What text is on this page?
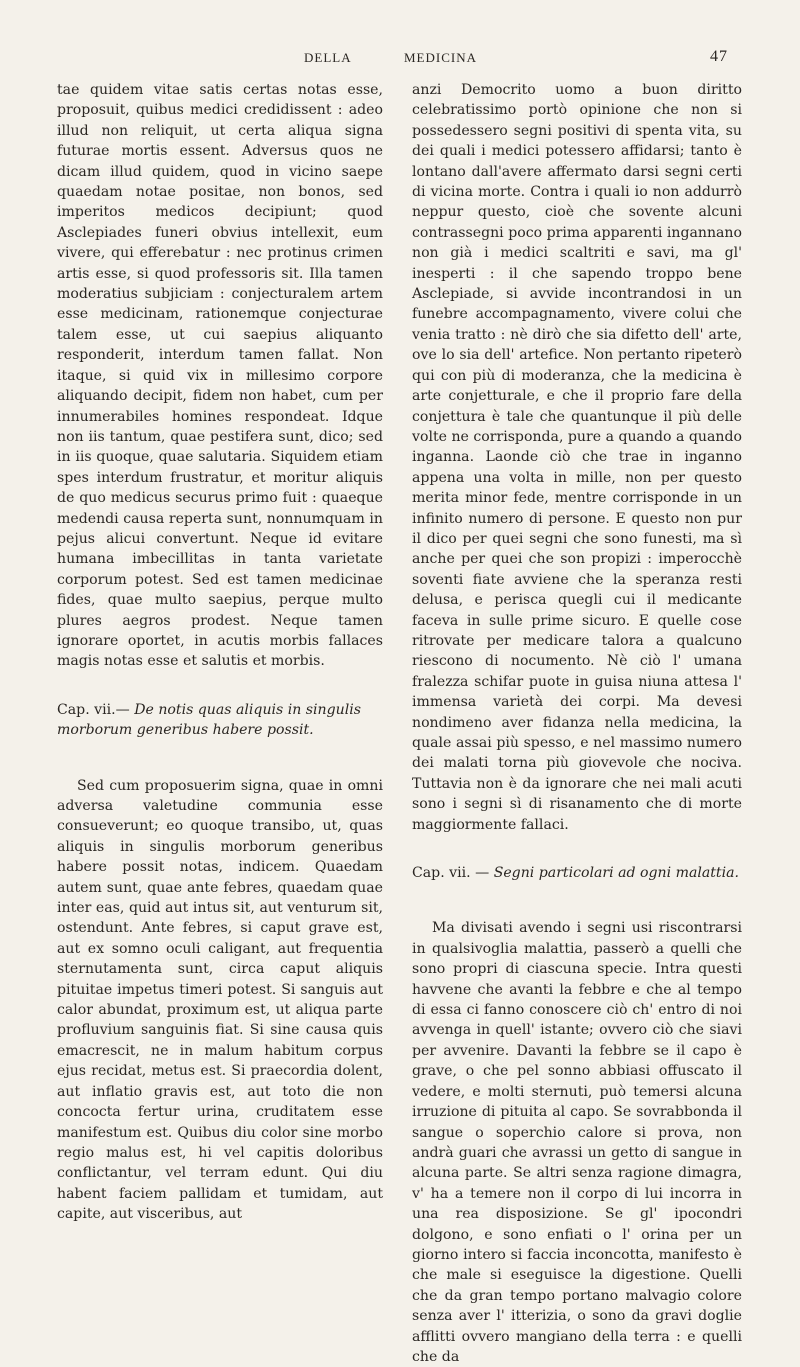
DELLA	MEDICINA	47

tae quidem vitae satis certas notas esse, proposuit, quibus medici credidissent : adeo illud non reliquit, ut certa aliqua signa futurae mortis essent. Adversus quos ne dicam illud quidem, quod in vicino saepe quaedam notae positae, non bonos, sed imperitos medicos decipiunt; quod Asclepiades funeri obvius intellexit, eum vivere, qui efferebatur : nec protinus crimen artis esse, si quod professoris sit. Illa tamen moderatius subjiciam : conjecturalem artem esse medicinam, rationemque conjecturae talem esse, ut cui saepius aliquanto responderit, interdum tamen fallat. Non itaque, si quid vix in millesimo corpore aliquando decipit, fidem non habet, cum per innumerabiles homines respondeat. Idque non iis tantum, quae pestifera sunt, dico; sed in iis quoque, quae salutaria. Siquidem etiam spes interdum frustratur, et moritur aliquis de quo medicus securus primo fuit : quaeque medendi causa reperta sunt, nonnumquam in pejus alicui convertunt. Neque id evitare humana imbecillitas in tanta varietate corporum potest. Sed est tamen medicinae fides, quae multo saepius, perque multo plures aegros prodest. Neque tamen ignorare oportet, in acutis morbis fallaces magis notas esse et salutis et morbis.

Cap. vii.— De notis quas aliquis in singulis morborum generibus habere possit.

Sed cum proposuerim signa, quae in omni adversa valetudine communia esse consueverunt; eo quoque transibo, ut, quas aliquis in singulis morborum generibus habere possit notas, indicem. Quaedam autem sunt, quae ante febres, quaedam quae inter eas, quid aut intus sit, aut venturum sit, ostendunt. Ante febres, si caput grave est, aut ex somno oculi caligant, aut frequentia sternutamenta sunt, circa caput aliquis pituitae impetus timeri potest. Si sanguis aut calor abundat, proximum est, ut aliqua parte profluvium sanguinis fiat. Si sine causa quis emacrescit, ne in malum habitum corpus ejus recidat, metus est. Si praecordia dolent, aut inflatio gravis est, aut toto die non concocta fertur urina, cruditatem esse manifestum est. Quibus diu color sine morbo regio malus est, hi vel capitis doloribus conflictantur, vel terram edunt. Qui diu habent faciem pallidam et tumidam, aut capite, aut visceribus, aut

anzi Democrito uomo a buon diritto celebratissimo portò opinione che non si possedessero segni positivi di spenta vita, su dei quali i medici potessero affidarsi; tanto è lontano dall'avere affermato darsi segni certi di vicina morte. Contra i quali io non addurrò neppur questo, cioè che sovente alcuni contrassegni poco prima apparenti ingannano non già i medici scaltriti e savi, ma gl' inesperti : il che sapendo troppo bene Asclepiade, si avvide incontrandosi in un funebre accompagnamento, vivere colui che venia tratto : nè dirò che sia difetto dell' arte, ove lo sia dell' artefice. Non pertanto ripeterò qui con più di moderanza, che la medicina è arte conjetturale, e che il proprio fare della conjettura è tale che quantunque il più delle volte ne corrisponda, pure a quando a quando inganna. Laonde ciò che trae in inganno appena una volta in mille, non per questo merita minor fede, mentre corrisponde in un infinito numero di persone. E questo non pur il dico per quei segni che sono funesti, ma sì anche per quei che son propizi : imperocchè soventi fiate avviene che la speranza resti delusa, e perisca quegli cui il medicante faceva in sulle prime sicuro. E quelle cose ritrovate per medicare talora a qualcuno riescono di nocumento. Nè ciò l' umana fralezza schifar puote in guisa niuna attesa l' immensa varietà dei corpi. Ma devesi nondimeno aver fidanza nella medicina, la quale assai più spesso, e nel massimo numero dei malati torna più giovevole che nociva. Tuttavia non è da ignorare che nei mali acuti sono i segni sì di risanamento che di morte maggiormente fallaci.

Cap. vii. — Segni particolari ad ogni malattia.

Ma divisati avendo i segni usi riscontrarsi in qualsivoglia malattia, passerò a quelli che sono propri di ciascuna specie. Intra questi havvene che avanti la febbre e che al tempo di essa ci fanno conoscere ciò ch' entro di noi avvenga in quell' istante; ovvero ciò che siavi per avvenire. Davanti la febbre se il capo è grave, o che pel sonno abbiasi offuscato il vedere, e molti sternuti, può temersi alcuna irruzione di pituita al capo. Se sovrabbonda il sangue o soperchio calore si prova, non andrà guari che avrassi un getto di sangue in alcuna parte. Se altri senza ragione dimagra, v' ha a temere non il corpo di lui incorra in una rea disposizione. Se gl' ipocondri dolgono, e sono enfiati o l' orina per un giorno intero si faccia inconcotta, manifesto è che male si eseguisce la digestione. Quelli che da gran tempo portano malvagio colore senza aver l' itterizia, o sono da gravi doglie afflitti ovvero mangiano della terra : e quelli che da
